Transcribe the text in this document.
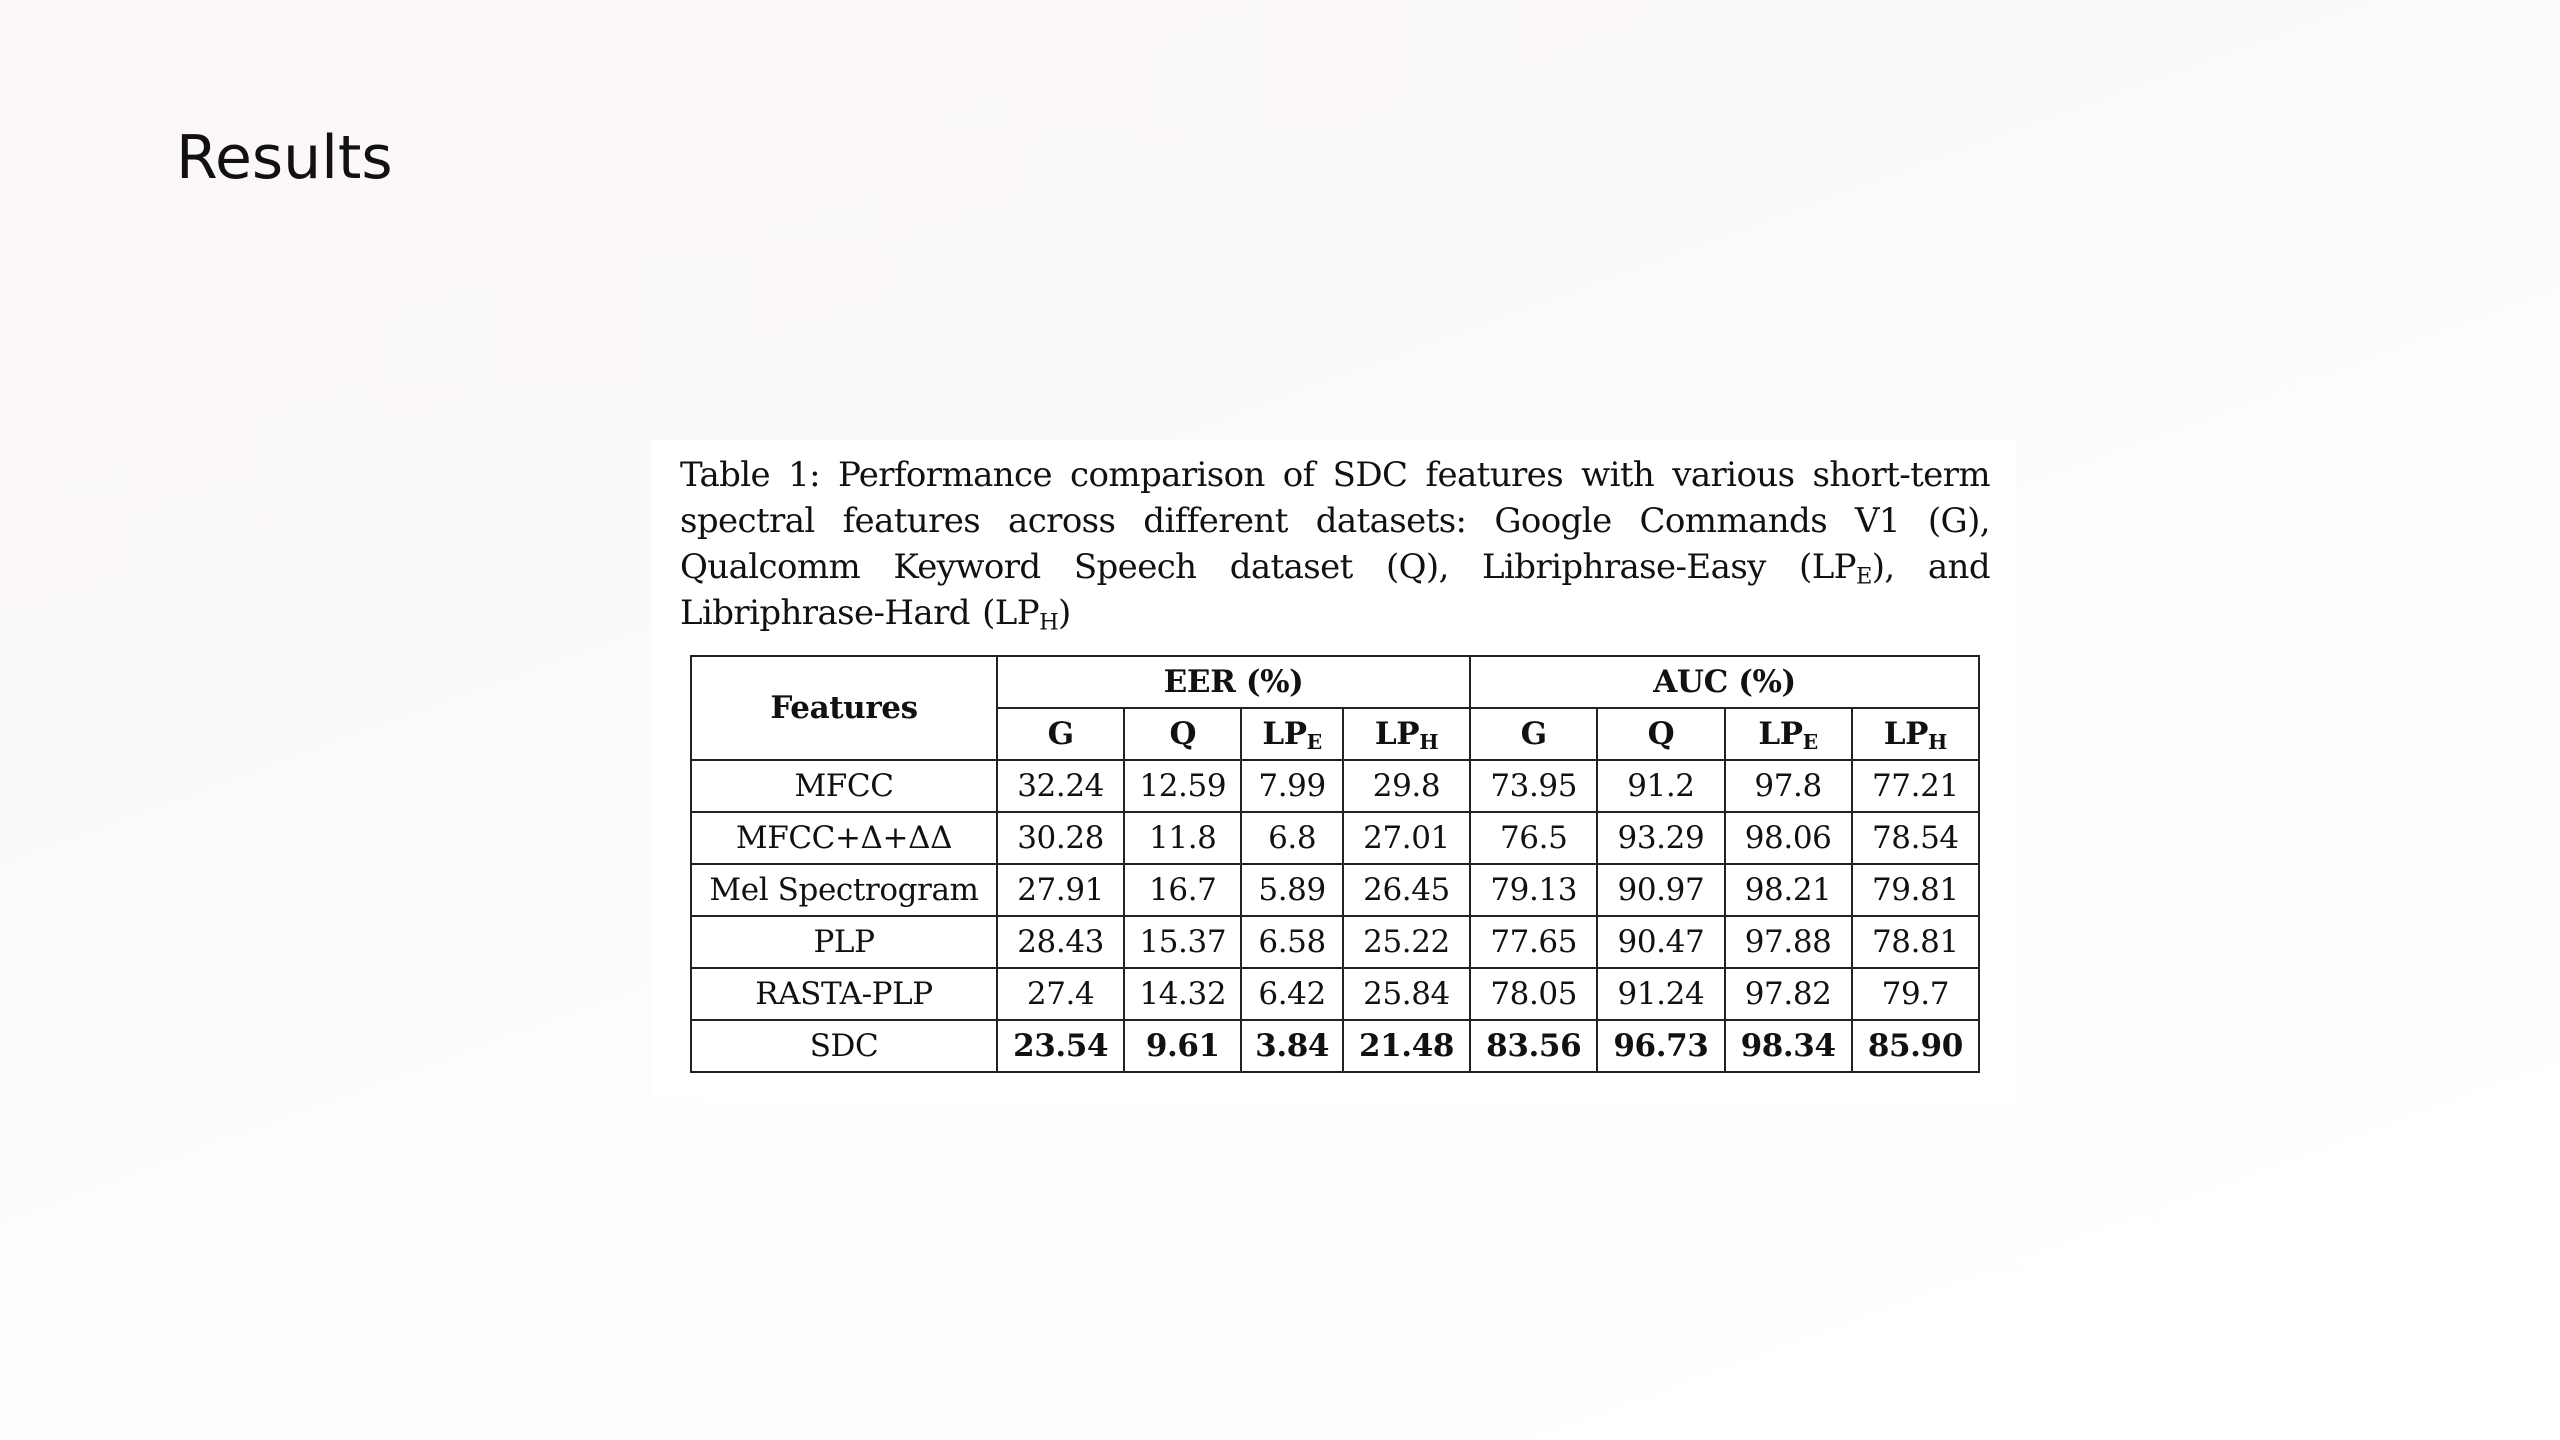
Results

Table 1: Performance comparison of SDC features with various short-term spectral features across different datasets: Google Commands V1 (G), Qualcomm Keyword Speech dataset (Q), Libriphrase-Easy $(LP_E)$, and Libriphrase-Hard $(LP_H)$

Features	EER (%)				AUC (%)			
	G	Q	$LP_E$	$LP_H$	G	Q	$LP_E$	$LP_H$
MFCC	32.24	12.59	7.99	29.8	73.95	91.2	97.8	77.21
MFCC+Δ+ΔΔ	30.28	11.8	6.8	27.01	76.5	93.29	98.06	78.54
Mel Spectrogram	27.91	16.7	5.89	26.45	79.13	90.97	98.21	79.81
PLP	28.43	15.37	6.58	25.22	77.65	90.47	97.88	78.81
RASTA-PLP	27.4	14.32	6.42	25.84	78.05	91.24	97.82	79.7
SDC	23.54	9.61	3.84	21.48	83.56	96.73	98.34	85.90
